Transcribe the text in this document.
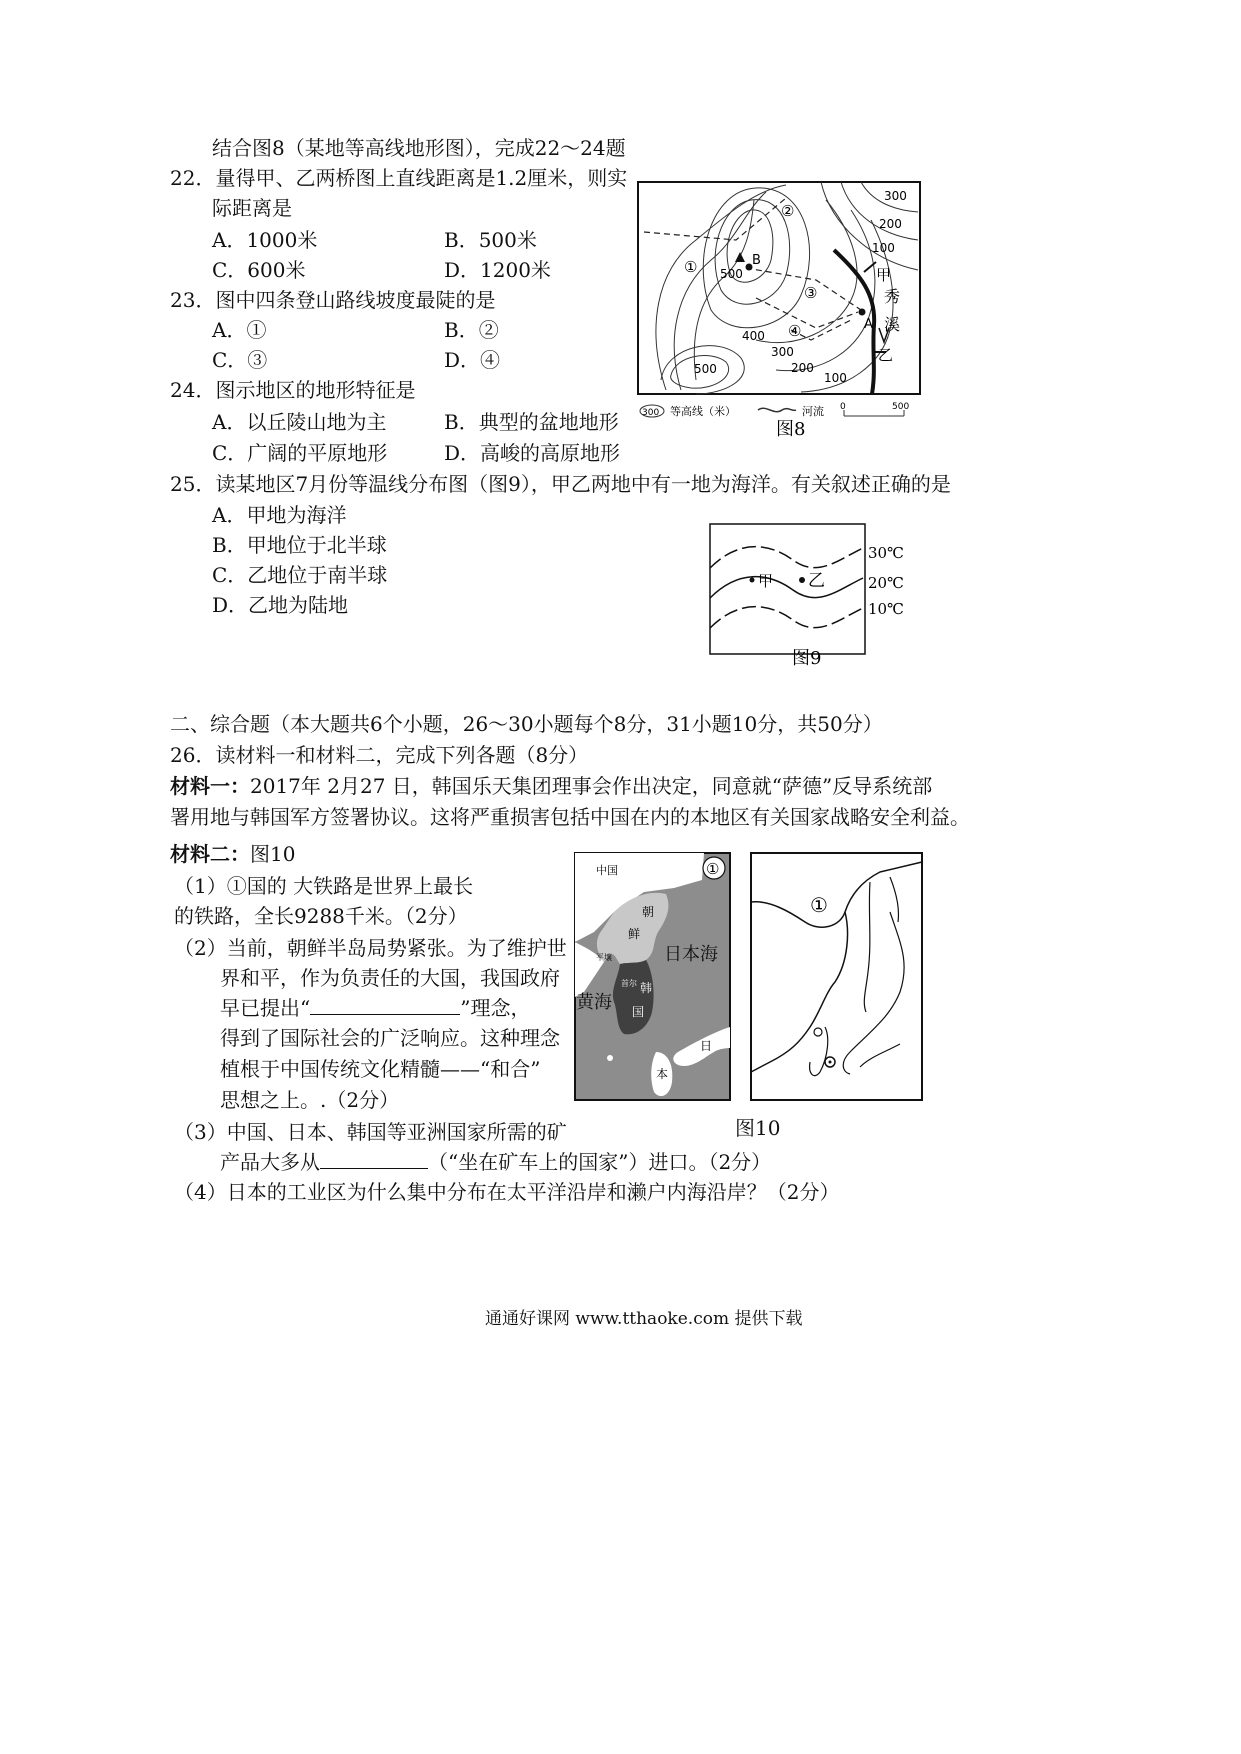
结合图8（某地等高线地形图），完成22～24题
22．量得甲、乙两桥图上直线距离是1.2厘米，则实
际距离是
A．1000米	B．500米
C．600米	D．1200米
23．图中四条登山路线坡度最陡的是
A．①	B．②
C．③	D．④
24．图示地区的地形特征是
A．以丘陵山地为主	B．典型的盆地地形
C．广阔的平原地形	D．高峻的高原地形
25．读某地区7月份等温线分布图（图9），甲乙两地中有一地为海洋。有关叙述正确的是
A．甲地为海洋
B．甲地位于北半球
C．乙地位于南半球
D．乙地为陆地
300
200
100
①
②
③
④
500
B
A
400
300
200
100
500
甲
秀
溪
乙
300 等高线（米）	河流 0	500
图8
甲 乙
30℃
20℃
10℃
图9
二、综合题（本大题共6个小题，26～30小题每个8分，31小题10分，共50分）
26．读材料一和材料二，完成下列各题（8分）
材料一： 2017年 2月27 日，韩国乐天集团理事会作出决定，同意就“萨德”反导系统部
署用地与韩国军方签署协议。这将严重损害包括中国在内的本地区有关国家战略安全利益。
材料二： 图10
（1）①国的 大铁路是世界上最长
的铁路，全长9288千米。（2分）
（2）当前，朝鲜半岛局势紧张。为了维护世
界和平，作为负责任的大国，我国政府
早已提出“	”理念，
得到了国际社会的广泛响应。这种理念
植根于中国传统文化精髓——“和合”
思想之上。.（2分）
（3）中国、日本、韩国等亚洲国家所需的矿
产品大多从	（“坐在矿车上的国家”）进口。（2分）
（4）日本的工业区为什么集中分布在太平洋沿岸和濑户内海沿岸？（2分）
中国	①
朝
鲜
平壤
首尔 韩
国
日本海
黄海
日
本
①
图10
通通好课网 www.tthaoke.com 提供下载
